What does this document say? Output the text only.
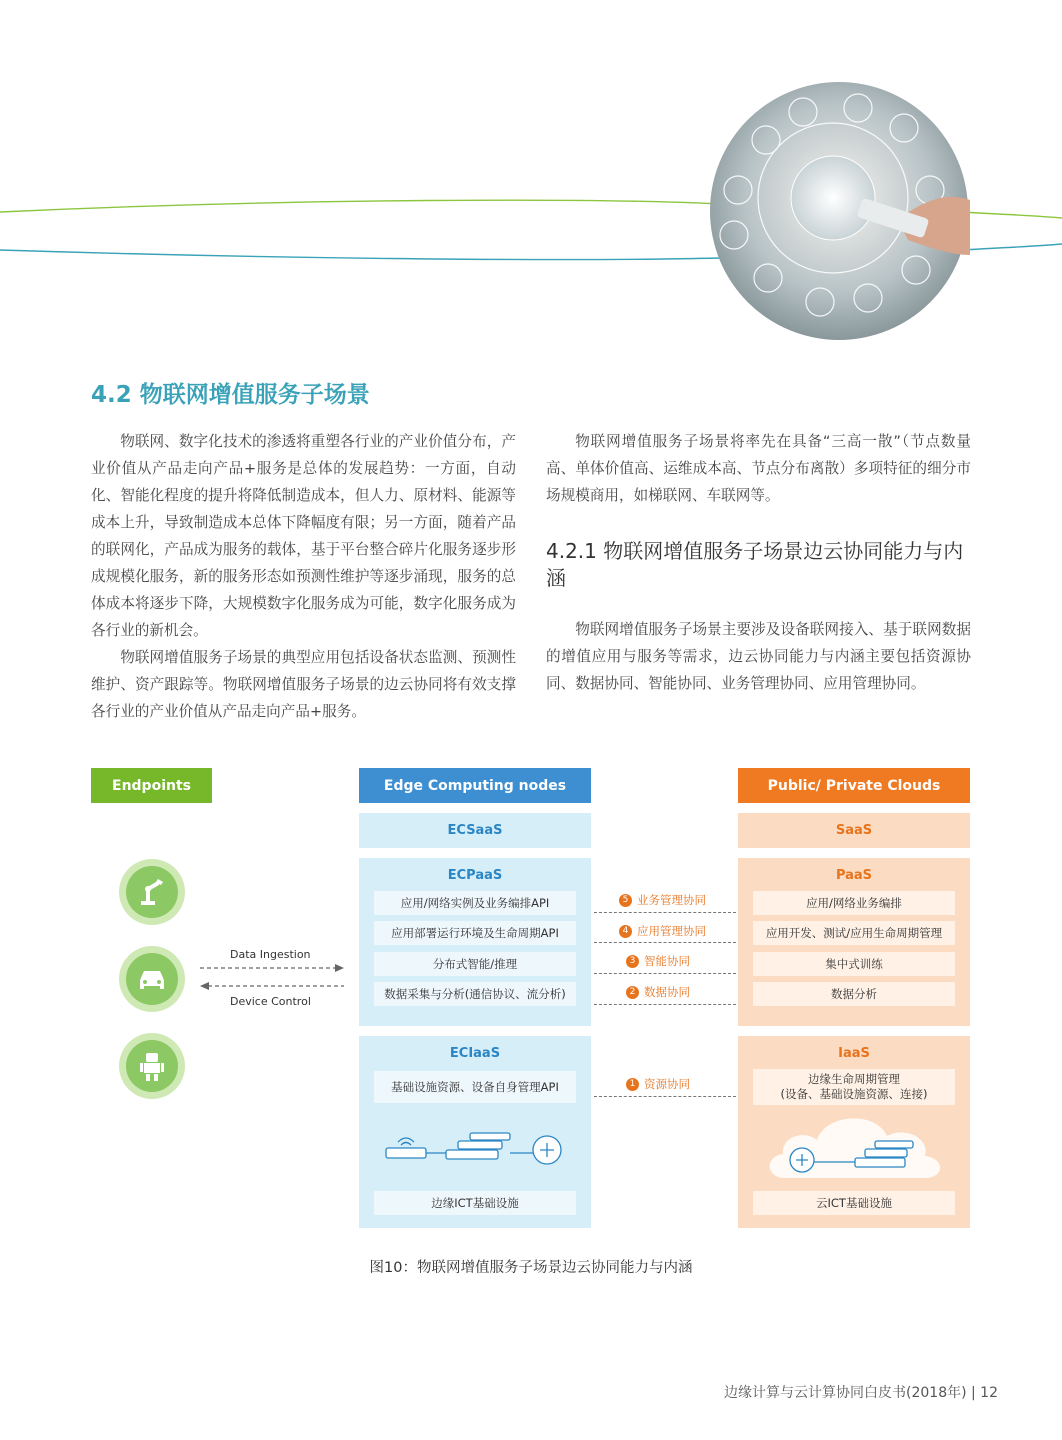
4.2 物联网增值服务子场景

物联网、数字化技术的渗透将重塑各行业的产业价值分布，产业价值从产品走向产品+服务是总体的发展趋势：一方面，自动化、智能化程度的提升将降低制造成本，但人力、原材料、能源等成本上升，导致制造成本总体下降幅度有限；另一方面，随着产品的联网化，产品成为服务的载体，基于平台整合碎片化服务逐步形成规模化服务，新的服务形态如预测性维护等逐步涌现，服务的总体成本将逐步下降，大规模数字化服务成为可能，数字化服务成为各行业的新机会。

物联网增值服务子场景的典型应用包括设备状态监测、预测性维护、资产跟踪等。物联网增值服务子场景的边云协同将有效支撑各行业的产业价值从产品走向产品+服务。

物联网增值服务子场景将率先在具备“三高一散”（节点数量高、单体价值高、运维成本高、节点分布离散）多项特征的细分市场规模商用，如梯联网、车联网等。

4.2.1 物联网增值服务子场景边云协同能力与内涵

物联网增值服务子场景主要涉及设备联网接入、基于联网数据的增值应用与服务等需求，边云协同能力与内涵主要包括资源协同、数据协同、智能协同、业务管理协同、应用管理协同。

Endpoints	Edge Computing nodes	Public/ Private Clouds
ECSaaS
ECPaaS
应用/网络实例及业务编排API
应用部署运行环境及生命周期API
分布式智能/推理
数据采集与分析(通信协议、流分析)
ECIaaS
基础设施资源、设备自身管理API
边缘ICT基础设施
SaaS
PaaS
应用/网络业务编排
应用开发、测试/应用生命周期管理
集中式训练
数据分析
IaaS
边缘生命周期管理
(设备、基础设施资源、连接)
云ICT基础设施
5 业务管理协同
4 应用管理协同
3 智能协同
2 数据协同
1 资源协同
Data Ingestion
Device Control
图10：物联网增值服务子场景边云协同能力与内涵
边缘计算与云计算协同白皮书(2018年) | 12
